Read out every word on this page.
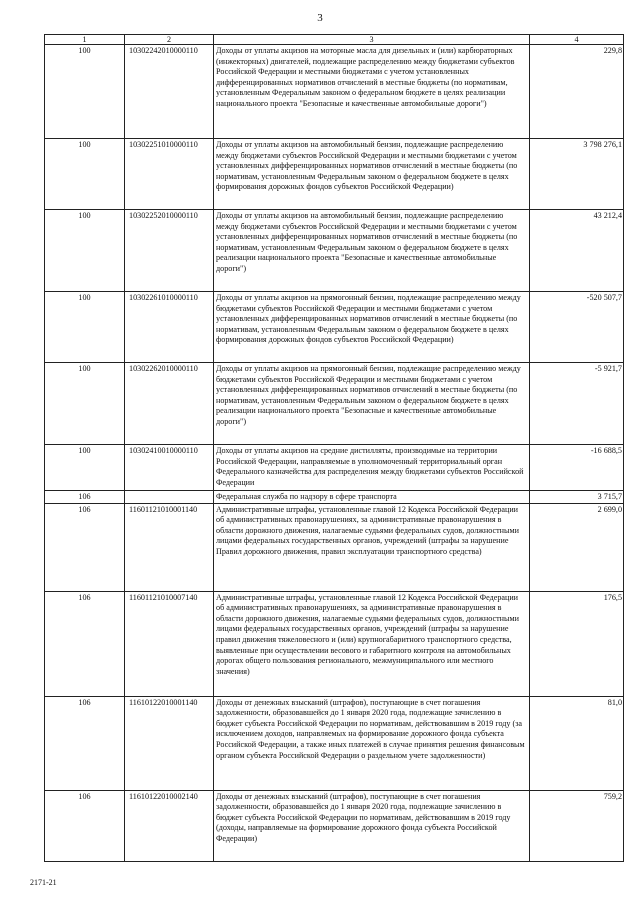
3
1	2	3	4
100	10302242010000110	Доходы от уплаты акцизов на моторные масла для дизельных и (или) карбюраторных (инжекторных) двигателей, подлежащие распределению между бюджетами субъектов Российской Федерации и местными бюджетами с учетом установленных дифференцированных нормативов отчислений в местные бюджеты (по нормативам, установленным Федеральным законом о федеральном бюджете в целях реализации национального проекта "Безопасные и качественные автомобильные дороги")	229,8
100	10302251010000110	Доходы от уплаты акцизов на автомобильный бензин, подлежащие распределению между бюджетами субъектов Российской Федерации и местными бюджетами с учетом установленных дифференцированных нормативов отчислений в местные бюджеты (по нормативам, установленным Федеральным законом о федеральном бюджете в целях формирования дорожных фондов субъектов Российской Федерации)	3 798 276,1
100	10302252010000110	Доходы от уплаты акцизов на автомобильный бензин, подлежащие распределению между бюджетами субъектов Российской Федерации и местными бюджетами с учетом установленных дифференцированных нормативов отчислений в местные бюджеты (по нормативам, установленным Федеральным законом о федеральном бюджете в целях реализации национального проекта "Безопасные и качественные автомобильные дороги")	43 212,4
100	10302261010000110	Доходы от уплаты акцизов на прямогонный бензин, подлежащие распределению между бюджетами субъектов Российской Федерации и местными бюджетами с учетом установленных дифференцированных нормативов отчислений в местные бюджеты (по нормативам, установленным Федеральным законом о федеральном бюджете в целях формирования дорожных фондов субъектов Российской Федерации)	-520 507,7
100	10302262010000110	Доходы от уплаты акцизов на прямогонный бензин, подлежащие распределению между бюджетами субъектов Российской Федерации и местными бюджетами с учетом установленных дифференцированных нормативов отчислений в местные бюджеты (по нормативам, установленным Федеральным законом о федеральном бюджете в целях реализации национального проекта "Безопасные и качественные автомобильные дороги")	-5 921,7
100	10302410010000110	Доходы от уплаты акцизов на средние дистилляты, производимые на территории Российской Федерации, направляемые в уполномоченный территориальный орган Федерального казначейства для распределения между бюджетами субъектов Российской Федерации	-16 688,5
106		Федеральная служба по надзору в сфере транспорта	3 715,7
106	11601121010001140	Административные штрафы, установленные главой 12 Кодекса Российской Федерации об административных правонарушениях, за административные правонарушения в области дорожного движения, налагаемые судьями федеральных судов, должностными лицами федеральных государственных органов, учреждений (штрафы за нарушение Правил дорожного движения, правил эксплуатации транспортного средства)	2 699,0
106	11601121010007140	Административные штрафы, установленные главой 12 Кодекса Российской Федерации об административных правонарушениях, за административные правонарушения в области дорожного движения, налагаемые судьями федеральных судов, должностными лицами федеральных государственных органов, учреждений (штрафы за нарушение правил движения тяжеловесного и (или) крупногабаритного транспортного средства, выявленные при осуществлении весового и габаритного контроля на автомобильных дорогах общего пользования регионального, межмуниципального или местного значения)	176,5
106	11610122010001140	Доходы от денежных взысканий (штрафов), поступающие в счет погашения задолженности, образовавшейся до 1 января 2020 года, подлежащие зачислению в бюджет субъекта Российской Федерации по нормативам, действовавшим в 2019 году (за исключением доходов, направляемых на формирование дорожного фонда субъекта Российской Федерации, а также иных платежей в случае принятия решения финансовым органом субъекта Российской Федерации о раздельном учете задолженности)	81,0
106	11610122010002140	Доходы от денежных взысканий (штрафов), поступающие в счет погашения задолженности, образовавшейся до 1 января 2020 года, подлежащие зачислению в бюджет субъекта Российской Федерации по нормативам, действовавшим в 2019 году (доходы, направляемые на формирование дорожного фонда субъекта Российской Федерации)	759,2
2171-21
